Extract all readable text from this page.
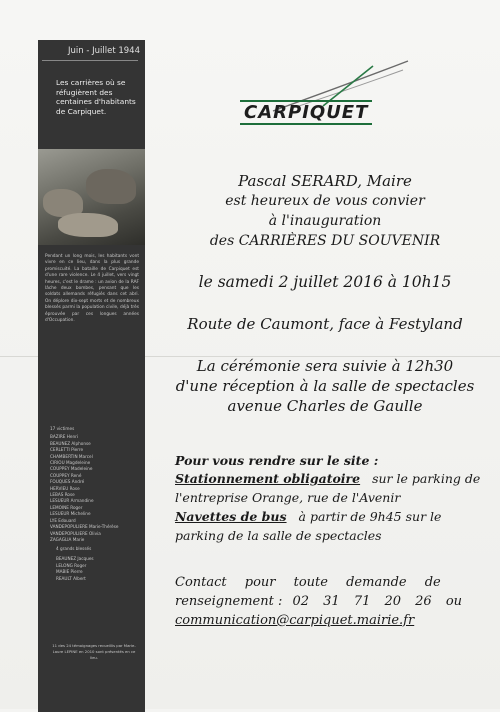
Juin - Juillet 1944
Les carrières où se réfugièrent des centaines d'habitants de Carpiquet.
Pendant un long mois, les habitants vont vivre en ce lieu, dans la plus grande promiscuité. La bataille de Carpiquet est d'une rare violence. Le 4 juillet, vers vingt heures, c'est le drame : un avion de la RAF lâche deux bombes, pensant que les soldats allemands réfugiés dans cet abri. On déplore dix-sept morts et de nombreux blessés parmi la population civile, déjà très éprouvée par ces longues années d'Occupation.
17 victimes
BAZIRE Henri
BEAUNEZ Alphonse
CERLETTI Pierre
CHAMBERTIN Marcel
CIRIOU Magdeleine
COUPPEY Madeleine
COUPPEY René
FOUQUES André
HERVIEU Rose
LEBAS Rose
LESUEUR Armandine
LEMOINE Roger
LESUEUR Micheline
LYE Edouard
VANDEPOPULIERE Marie-Thérèse
VANDEPOPULIERE Olivia
ZAGAGLIA Marie
4 grands blessés
BEAUNEZ Jacques
LELONG Roger
MABIE Pierre
REAULT Albert
11 des 24 témoignages recueillis par Marie-Laure LEPINE en 2010 sont présentés en ce lieu.
CARPIQUET
Pascal SERARD, Maire
est heureux de vous convier
à l'inauguration
des CARRIÈRES DU SOUVENIR
le samedi 2 juillet 2016 à 10h15
Route de Caumont, face à Festyland
La cérémonie sera suivie à 12h30
d'une réception à la salle de spectacles
avenue Charles de Gaulle
Pour vous rendre sur le site :
Stationnement obligatoire sur le parking de
l'entreprise Orange, rue de l'Avenir
Navettes de bus à partir de 9h45 sur le
parking de la salle de spectacles
Contact pour toute demande de
renseignement : 02 31 71 20 26 ou
communication@carpiquet.mairie.fr
